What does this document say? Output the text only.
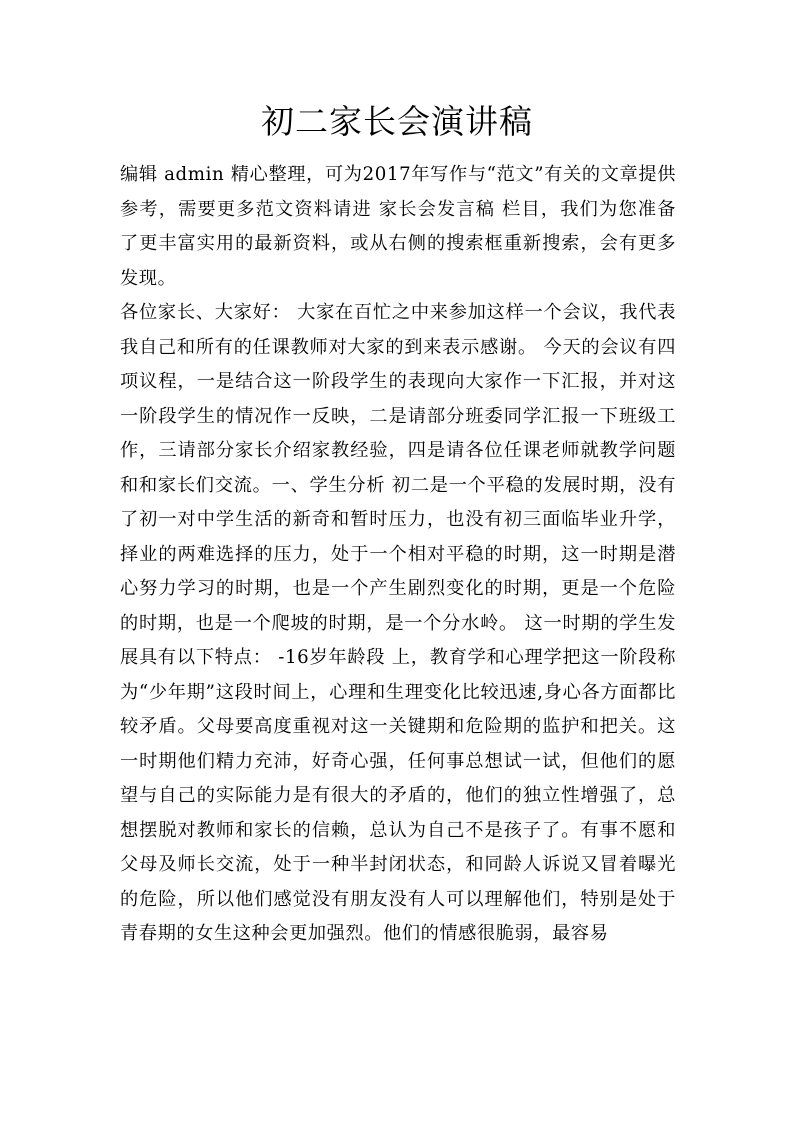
初二家长会演讲稿

编辑 admin 精心整理，可为2017年写作与“范文”有关的文章提供参考，需要更多范文资料请进 家长会发言稿 栏目，我们为您准备了更丰富实用的最新资料，或从右侧的搜索框重新搜索，会有更多发现。

各位家长、大家好： 大家在百忙之中来参加这样一个会议，我代表我自己和所有的任课教师对大家的到来表示感谢。 今天的会议有四项议程，一是结合这一阶段学生的表现向大家作一下汇报，并对这一阶段学生的情况作一反映，二是请部分班委同学汇报一下班级工作，三请部分家长介绍家教经验，四是请各位任课老师就教学问题和和家长们交流。一、学生分析 初二是一个平稳的发展时期，没有了初一对中学生活的新奇和暂时压力，也没有初三面临毕业升学，择业的两难选择的压力，处于一个相对平稳的时期，这一时期是潜心努力学习的时期，也是一个产生剧烈变化的时期，更是一个危险的时期，也是一个爬坡的时期，是一个分水岭。 这一时期的学生发展具有以下特点： -16岁年龄段 上，教育学和心理学把这一阶段称为“少年期”这段时间上，心理和生理变化比较迅速,身心各方面都比较矛盾。父母要高度重视对这一关键期和危险期的监护和把关。这一时期他们精力充沛，好奇心强，任何事总想试一试，但他们的愿望与自己的实际能力是有很大的矛盾的，他们的独立性增强了，总想摆脱对教师和家长的信赖，总认为自己不是孩子了。有事不愿和父母及师长交流，处于一种半封闭状态，和同龄人诉说又冒着曝光的危险，所以他们感觉没有朋友没有人可以理解他们，特别是处于青春期的女生这种会更加强烈。他们的情感很脆弱，最容易
